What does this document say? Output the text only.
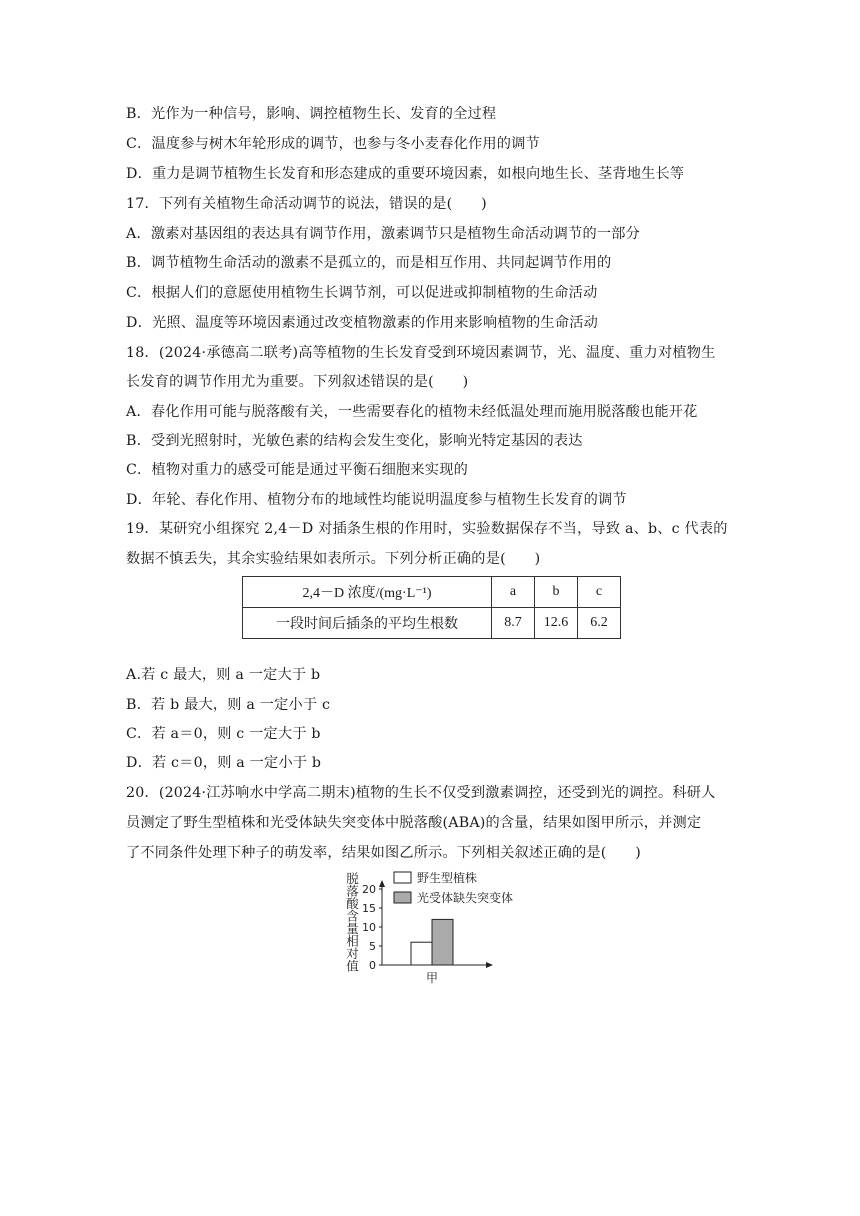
B．光作为一种信号，影响、调控植物生长、发育的全过程
C．温度参与树木年轮形成的调节，也参与冬小麦春化作用的调节
D．重力是调节植物生长发育和形态建成的重要环境因素，如根向地生长、茎背地生长等
17．下列有关植物生命活动调节的说法，错误的是(　　)
A．激素对基因组的表达具有调节作用，激素调节只是植物生命活动调节的一部分
B．调节植物生命活动的激素不是孤立的，而是相互作用、共同起调节作用的
C．根据人们的意愿使用植物生长调节剂，可以促进或抑制植物的生命活动
D．光照、温度等环境因素通过改变植物激素的作用来影响植物的生命活动
18．(2024·承德高二联考)高等植物的生长发育受到环境因素调节，光、温度、重力对植物生
长发育的调节作用尤为重要。下列叙述错误的是(　　)
A．春化作用可能与脱落酸有关，一些需要春化的植物未经低温处理而施用脱落酸也能开花
B．受到光照射时，光敏色素的结构会发生变化，影响光特定基因的表达
C．植物对重力的感受可能是通过平衡石细胞来实现的
D．年轮、春化作用、植物分布的地域性均能说明温度参与植物生长发育的调节
19．某研究小组探究 2,4－D 对插条生根的作用时，实验数据保存不当，导致 a、b、c 代表的
数据不慎丢失，其余实验结果如表所示。下列分析正确的是(　　)
2,4－D 浓度/(mg·L⁻¹)	a	b	c
一段时间后插条的平均生根数	8.7	12.6	6.2
A.若 c 最大，则 a 一定大于 b
B．若 b 最大，则 a 一定小于 c
C．若 a＝0，则 c 一定大于 b
D．若 c＝0，则 a 一定小于 b
20．(2024·江苏响水中学高二期末)植物的生长不仅受到激素调控，还受到光的调控。科研人
员测定了野生型植株和光受体缺失突变体中脱落酸(ABA)的含量，结果如图甲所示，并测定
了不同条件处理下种子的萌发率，结果如图乙所示。下列相关叙述正确的是(　　)
脱落酸含量相对值 0
5
10
15
20
甲
野生型植株
光受体缺失突变体
